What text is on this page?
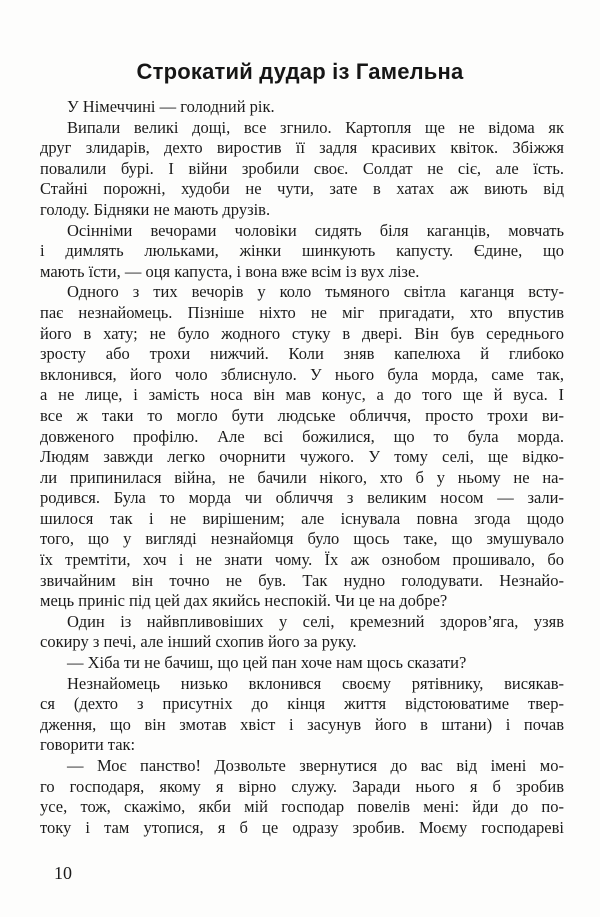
Строкатий дудар із Гамельна
У Німеччині — голодний рік.
Випали великі дощі, все згнило. Картопля ще не відома як
друг злидарів, дехто виростив її задля красивих квіток. Збіжжя
повалили бурі. І війни зробили своє. Солдат не сіє, але їсть.
Стайні порожні, худоби не чути, зате в хатах аж виють від
голоду. Бідняки не мають друзів.
Осінніми вечорами чоловіки сидять біля каганців, мовчать
і димлять люльками, жінки шинкують капусту. Єдине, що
мають їсти, — оця капуста, і вона вже всім із вух лізе.
Одного з тих вечорів у коло тьмяного світла каганця всту-
пає незнайомець. Пізніше ніхто не міг пригадати, хто впустив
його в хату; не було жодного стуку в двері. Він був середнього
зросту або трохи нижчий. Коли зняв капелюха й глибоко
вклонився, його чоло зблиснуло. У нього була морда, саме так,
а не лице, і замість носа він мав конус, а до того ще й вуса. І
все ж таки то могло бути людське обличчя, просто трохи ви-
довженого профілю. Але всі божилися, що то була морда.
Людям завжди легко очорнити чужого. У тому селі, ще відко-
ли припинилася війна, не бачили нікого, хто б у ньому не на-
родився. Була то морда чи обличчя з великим носом — зали-
шилося так і не вирішеним; але існувала повна згода щодо
того, що у вигляді незнайомця було щось таке, що змушувало
їх тремтіти, хоч і не знати чому. Їх аж ознобом прошивало, бо
звичайним він точно не був. Так нудно голодувати. Незнайо-
мець приніс під цей дах якийсь неспокій. Чи це на добре?
Один із найвпливовіших у селі, кремезний здоров’яга, узяв
сокиру з печі, але інший схопив його за руку.
— Хіба ти не бачиш, що цей пан хоче нам щось сказати?
Незнайомець низько вклонився своєму рятівнику, висякав-
ся (дехто з присутніх до кінця життя відстоюватиме твер-
дження, що він змотав хвіст і засунув його в штани) і почав
говорити так:
— Моє панство! Дозвольте звернутися до вас від імені мо-
го господаря, якому я вірно служу. Заради нього я б зробив
усе, тож, скажімо, якби мій господар повелів мені: йди до по-
току і там утопися, я б це одразу зробив. Моєму господареві
10
